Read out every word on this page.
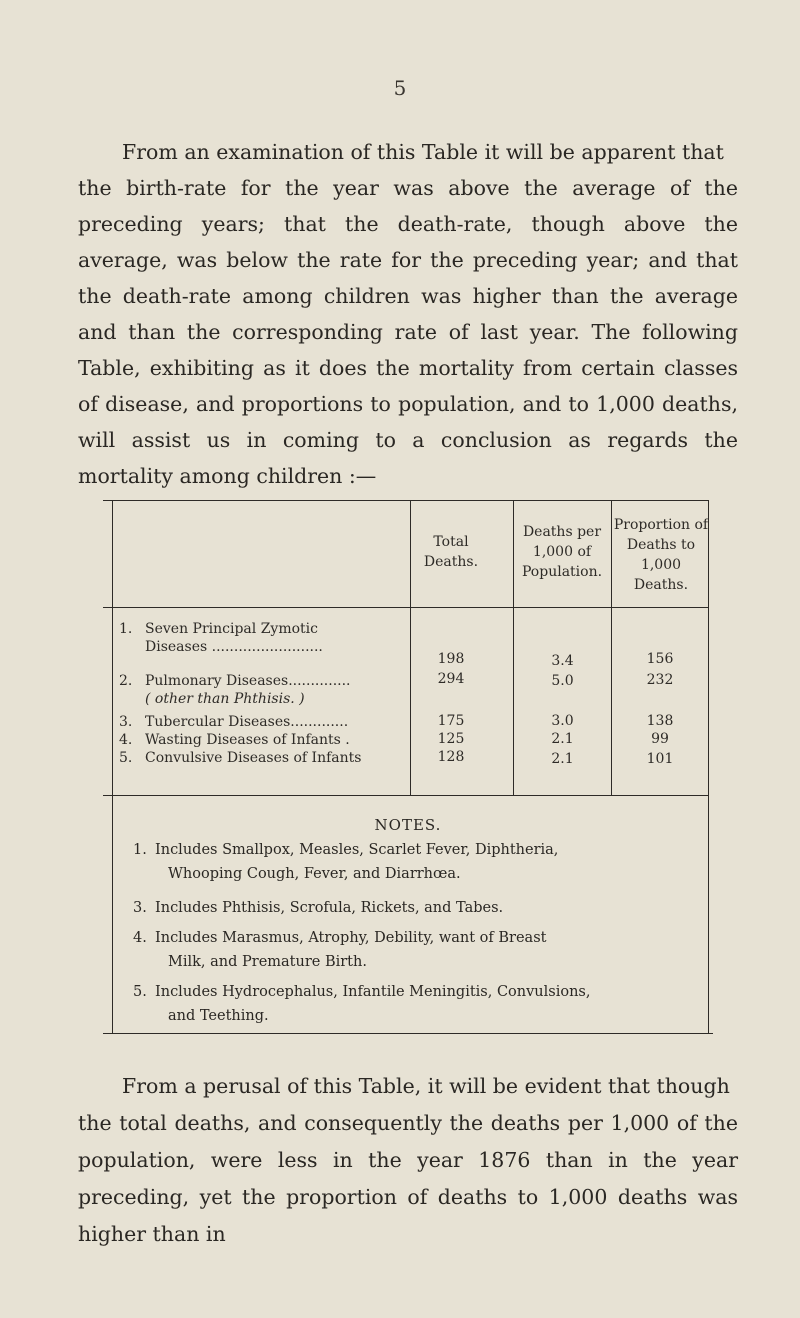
5

From an examination of this Table it will be apparent that
the birth-rate for the year was above the average of the preceding years; that the death-rate, though above the average, was below the rate for the preceding year; and that the death-rate among children was higher than the average and than the corresponding rate of last year. The following Table, exhibiting as it does the mortality from certain classes of disease, and proportions to population, and to 1,000 deaths, will assist us in coming to a conclusion as regards the mortality among children :—

Total Deaths.
Deaths per 1,000 of Population.
Proportion of Deaths to 1,000 Deaths.
1. Seven Principal Zymotic
Diseases .........................
198	3.4	156
2. Pulmonary Diseases..............
( other than Phthisis. )
294	5.0	232
3. Tubercular Diseases.............	175	3.0	138
4. Wasting Diseases of Infants .	125	2.1	99
5. Convulsive Diseases of Infants	128	2.1	101
NOTES.
1. Includes Smallpox, Measles, Scarlet Fever, Diphtheria,
Whooping Cough, Fever, and Diarrhœa.
3. Includes Phthisis, Scrofula, Rickets, and Tabes.
4. Includes Marasmus, Atrophy, Debility, want of Breast
Milk, and Premature Birth.
5. Includes Hydrocephalus, Infantile Meningitis, Convulsions,
and Teething.

From a perusal of this Table, it will be evident that though
the total deaths, and consequently the deaths per 1,000 of the population, were less in the year 1876 than in the year preceding, yet the proportion of deaths to 1,000 deaths was higher than in
